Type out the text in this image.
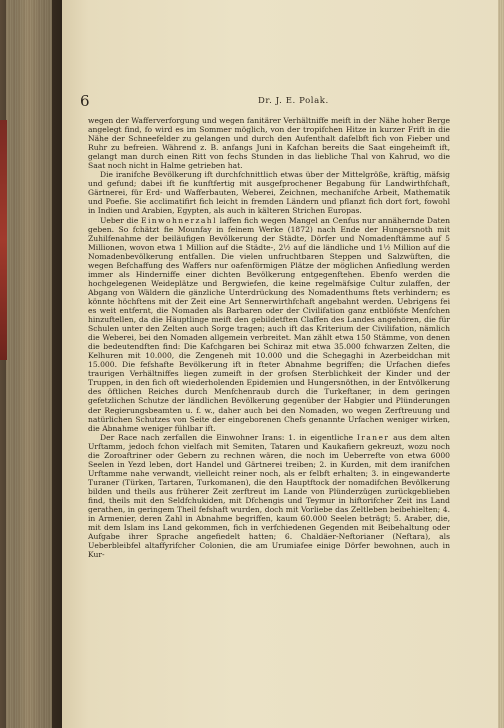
6	Dr. J. E. Polak.

wegen der Wafferverforgung und wegen fanitärer Verhältniffe meift in der Nähe hoher Berge angelegt find, fo wird es im Sommer möglich, von der tropifchen Hitze in kurzer Frift in die Nähe der Schneefelder zu gelangen und durch den Aufenthalt dafelbft fich von Fieber und Ruhr zu befreien. Während z. B. anfangs Juni in Kafchan bereits die Saat eingeheimft ift, gelangt man durch einen Ritt von fechs Stunden in das liebliche Thal von Kahrud, wo die Saat noch nicht in Halme getrieben hat.

Die iranifche Bevölkerung ift durchfchnittlich etwas über der Mittelgröße, kräftig, mäfsig und gefund; dabei ift fie kunftfertig mit ausgefprochener Begabung für Landwirthfchaft, Gärtnerei, für Erd- und Wafferbauten, Weberei, Zeichnen, mechanifche Arbeit, Mathematik und Poefie. Sie acclimatifirt fich leicht in fremden Ländern und pflanzt fich dort fort, fowohl in Indien und Arabien, Egypten, als auch in kälteren Strichen Europas.

Ueber die Einwohnerzahl laffen fich wegen Mangel an Cenfus nur annähernde Daten geben. So fchätzt fie Mounfay in feinem Werke (1872) nach Ende der Hungersnoth mit Zuhilfenahme der beiläufigen Bevölkerung der Städte, Dörfer und Nomadenftämme auf 5 Millionen, wovon etwa 1 Million auf die Städte-, 2½ auf die ländliche und 1½ Million auf die Nomadenbevölkerung entfallen. Die vielen unfruchtbaren Steppen und Salzwüften, die wegen Befchaffung des Waffers nur oafenförmigen Plätze der möglichen Anfiedlung werden immer als Hinderniffe einer dichten Bevölkerung entgegenftehen. Ebenfo werden die hochgelegenen Weideplätze und Bergwiefen, die keine regelmäfsige Cultur zulaffen, der Abgang von Wäldern die gänzliche Unterdrückung des Nomadenthums ftets verhindern; es könnte höchftens mit der Zeit eine Art Sennerwirthfchaft angebahnt werden. Uebrigens fei es weit entfernt, die Nomaden als Barbaren oder der Civilifation ganz entblöfste Menfchen hinzuftellen, da die Häuptlinge meift den gebildetften Claffen des Landes angehören, die für Schulen unter den Zelten auch Sorge tragen; auch ift das Kriterium der Civilifation, nämlich die Weberei, bei den Nomaden allgemein verbreitet. Man zählt etwa 150 Stämme, von denen die bedeutendften find: Die Kafchgaren bei Schiraz mit etwa 35.000 fchwarzen Zelten, die Kelhuren mit 10.000, die Zengeneh mit 10.000 und die Schegaghi in Azerbeidchan mit 15.000. Die fefshafte Bevölkerung ift in fteter Abnahme begriffen; die Urfachen diefes traurigen Verhältniffes liegen zumeift in der grofsen Sterblichkeit der Kinder und der Truppen, in den fich oft wiederholenden Epidemien und Hungersnöthen, in der Entvölkerung des öftlichen Reiches durch Menfchenraub durch die Turkeftaner, in dem geringen gefetzlichen Schutze der ländlichen Bevölkerung gegenüber der Habgier und Plünderungen der Regierungsbeamten u. f. w., daher auch bei den Nomaden, wo wegen Zerftreuung und natürlichen Schutzes von Seite der eingeborenen Chefs genannte Urfachen weniger wirken, die Abnahme weniger fühlbar ift.

Der Race nach zerfallen die Einwohner Irans: 1. in eigentliche Iraner aus dem alten Urftamm, jedoch fchon vielfach mit Semiten, Tataren und Kaukafiern gekreuzt, wozu noch die Zoroaftriner oder Gebern zu rechnen wären, die noch im Ueberrefte von etwa 6000 Seelen in Yezd leben, dort Handel und Gärtnerei treiben; 2. in Kurden, mit dem iranifchen Urftamme nahe verwandt, vielleicht reiner noch, als er felbft erhalten; 3. in eingewanderte Turaner (Türken, Tartaren, Turkomanen), die den Hauptftock der nomadifchen Bevölkerung bilden und theils aus früherer Zeit zerftreut im Lande von Plünderzügen zurückgeblieben find, theils mit den Seldfchukiden, mit Dfchengis und Teymur in hiftorifcher Zeit ins Land gerathen, in geringem Theil fefshaft wurden, doch mit Vorliebe das Zeltleben beibehielten; 4. in Armenier, deren Zahl in Abnahme begriffen, kaum 60.000 Seelen beträgt; 5. Araber, die, mit dem Islam ins Land gekommen, fich in verfchiedenen Gegenden mit Beibehaltung oder Aufgabe ihrer Sprache angefiedelt hatten; 6. Chaldäer-Neftorianer (Neftara), als Ueberbleibfel altaffyrifcher Colonien, die am Urumiafee einige Dörfer bewohnen, auch in Kur-
